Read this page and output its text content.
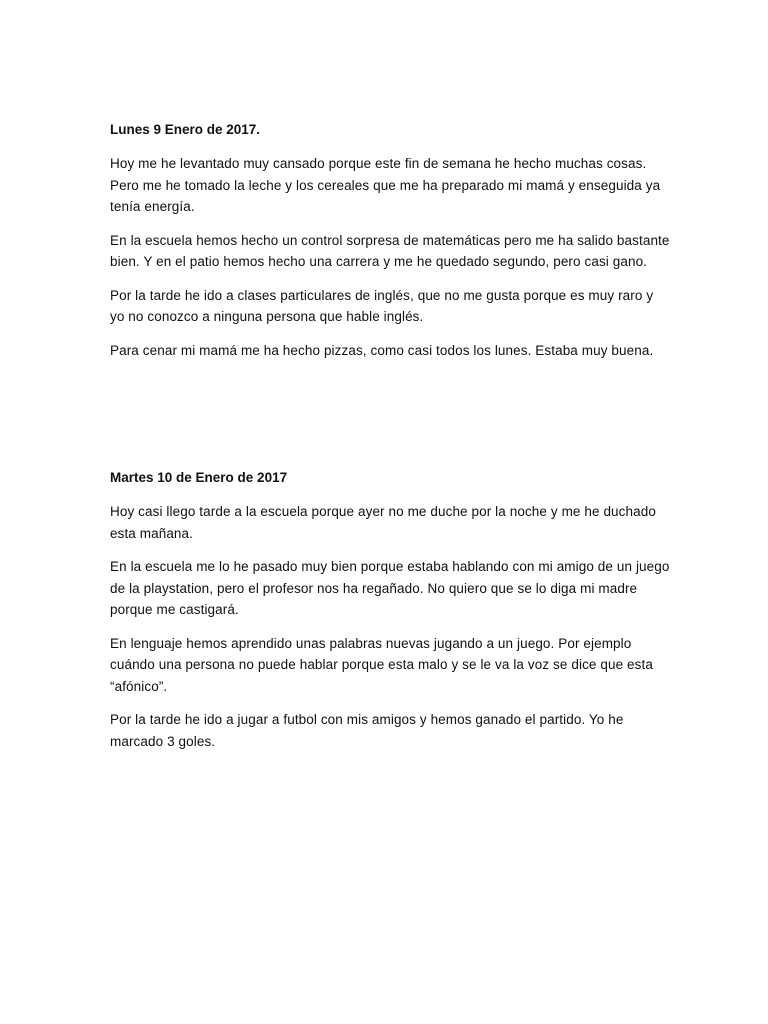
Lunes 9 Enero de 2017.

Hoy me he levantado muy cansado porque este fin de semana he hecho muchas cosas. Pero me he tomado la leche y los cereales que me ha preparado mi mamá y enseguida ya tenía energía.

En la escuela hemos hecho un control sorpresa de matemáticas pero me ha salido bastante bien. Y en el patio hemos hecho una carrera y me he quedado segundo, pero casi gano.

Por la tarde he ido a clases particulares de inglés, que no me gusta porque es muy raro y yo no conozco a ninguna persona que hable inglés.

Para cenar mi mamá me ha hecho pizzas, como casi todos los lunes. Estaba muy buena.

Martes 10 de Enero de 2017

Hoy casi llego tarde a la escuela porque ayer no me duche por la noche y me he duchado esta mañana.

En la escuela me lo he pasado muy bien porque estaba hablando con mi amigo de un juego de la playstation, pero el profesor nos ha regañado. No quiero que se lo diga mi madre porque me castigará.

En lenguaje hemos aprendido unas palabras nuevas jugando a un juego. Por ejemplo cuándo una persona no puede hablar porque esta malo y se le va la voz se dice que esta “afónico”.

Por la tarde he ido a jugar a futbol con mis amigos y hemos ganado el partido. Yo he marcado 3 goles.
